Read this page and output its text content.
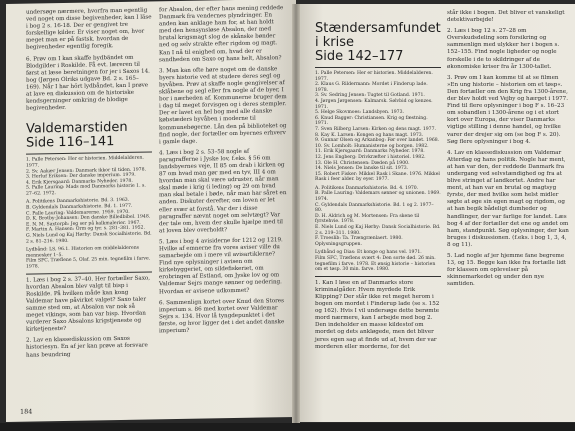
undersøge nærmere, hvorfra man egentlig ved noget om disse begivenheder, kan I läse i bog 2 s. 16-18. Der er gengivet tre forskellige kilder. Er viser noget om, hvor meget man er på fastsk. hvordan de begivenheder egentlig foregik.

6. Prøv om I kan skaffe bydbändet om Blodgilder i Roskilde. Få evt. læreren til først at læse beretningen for jer i Saxos 14. bog (Jørgen Olriks udgave Bd. 2 s. 165–169). Når I har hört lydbåndet, kan I prøve at lave en diskussion om de historiske kendsgerninger omkring de blodige begivenheder.

Valdemarstiden
Side 116–141
1. Palle Petersen: Her er historien. Middelalderen. 1977.
2. Sv. Aakær Jensen: Danmark ikkor til tiden. 1978.
3. Herluf Eriksen: Der danske imperium. 1979.
4. Erik Kjersgaard: Danmarks Nyheder. 1978.
5. Palle Lauring: Mads mod Danmarks historie 1. s. 27–62. 1972.
A. Politikens Danmarkshistorie. Bd. 3. 1963.
B. Gyldendals Danmarkshistorie. Bd. 1. 1977.
C. Palle Lauring: Valdemarerne. 1959. 1970.
D. K. Brotby-Johansen: Den danske Billedbibel. 1948.
E. N. M. Saxtorph: Jeg ser på kalkmalerier. 1967.
F. Martin A. Hansen: Orm og tyr. s. 281–381. 1952.
G. Niels Lund og Kaj Hørby: Dansk Socialhistorie. Bd. 2 s. 81–216. 1980.
Lydbånd: LS, 96.1. Historien om middelalderens mennesker 1–5.
Film SFC, Træflene 5, Olaf. 25 min. tegnefilm i farve. 1978.

1. Læs i bog 2 s. 37–40. Her fortæller Saxo, hvordan Absalon blev valgt til bisp i Roskilde. På hvilken måde kan kong Valdemar have påvirket valget? Saxo taler samme sted om, at Absalon var nok så meget vikings, som han var bisp. Hvordan vurderer Saxo Absalons krigstjeneste og kirketjeneste?

2. Lav en klassediskussion om Saxos historiesyn. En af jer kan prøve at forsvare hans beundring

for Absalon, der efter hans mening reddede Danmark fra vendernes plyndringer. En anden kan anklage ham for, at han holdt med den hensynsløse Absalon, der med brutal krigsmagt slog de skånske bønder ned og selv strakte efter rigdom og magt. Kan I nå til enighed om, hvad der er sandheden om Saxo og hans helt, Absalon?

3. Man kan ofte høre noget om de danske byers historie ved at studere deres segl og byvåben. Prøv at skaffe nogle gengivelser af sklåbene og segl eller fra nogle af de byer, I bor i nærheden af. Kommunerne bruger dem i dag til meget forvisgen og i deres stempler. Der er lavet en hel bog med alle danske købstæders byvåben i moderne til kommunebøgerne. Lån den på biblioteket og find nogle, der fortæller om byernes erhverv i gamle dage.

4. Læs i bog 2 s. 53–58 nogle af paragrafferne i Jyske lov, f.eks. § 56 om landsbyernes veje, II 85 om drab i kirken og 87 om hvad man gør med en tyv, III 4 om hvordan man skal være udruster, når man skal møde i krig (i leding) og 29 om hvad man skal betale i bøde, når man har såret en anden. Diskuter derefter, om loven er let eller svær at forstå. Var der i disse paragraffer nævnt noget om selvtægt? Var der tale om, hvem der skulle hjælpe med til at loven blev overholdt?

5. Læs i bog 4 avisiderne for 1212 og 1219. Hvilke af emnerne fra vores aviser ville du samarbejde om i mere vil avisartiklerne? Find nye oplysninger i avisen om kirkebyggeriet, om sildefiskeriet, om erobringen af Estland, om Jyske lov og om Valdemar Sejrs mange sønner og nedering. Hvordan er avisene udkommet?

6. Sammenlign kortet over Knud den Stores imperium s. 86 med kortet over Valdemar Sejrs s. 134. Hvor lå tyngdepunktet i det første, og hvor ligger det i det andet danske imperium?

184
Stændersamfundet i krise
Side 142–177
1. Palle Petersen: Her er historien. Middelalderen. 1977.
2. Klaus G. Rildermann: Mordet i Finderup lade. 1978.
3. Sv. Sedring Jensen: Tugtet til Gotland. 1971.
4. Jørgen Jørgensen: Kalmarsk. Sølvbid og kenzes. 1971.
5. Helge Skovmoes: Landsbyen. 1973.
6. Knud Bagger: Christiansen. Krig og fæstning. 1971.
7. Sven Rilberg Larsen: Kirken og dens magt. 1977.
8. Kay K. Larsen: Kongen og hans magt. 1973.
9. Gunnar Olsen og Arkanbog: Før over landet. 1968.
10. Sv. Lomholt: Humanisterne og borgen. 1982.
11. Erik Kjersgaard: Danmarks Nyheder. 1978.
12. Jens Engberg: Drivkræfter i historiel. 1982.
13. Ole H. Christensen: Dæden på 1900.
14. Niels Jensen: De lanske til sit. 1973.
15. Robert Fisker: Mikkel Rask i Skane. 1976. Mikkel Rask i feer alder. by eyer. 1977.
A. Politikens Danmarkshistorie. Bd. 4. 1970.
B. Palle Lauring: Valdemars sønner og unionen. 1969. 1974.
C. Gyldendals Danmarkshistorie. Bd. 1 og 2. 1977–80.
D. H. Aldrich og M. Mortensen: Fra skene til fyrstehvie. 1978.
E. Niels Lund og Kaj Hørby: Dansk Socialhistorie. Bd. 2 s. 219–311. 1980.
F. Troeslib: Ta. Trængrænlaert. 1980. Oplysningsgruppen.
Lydbånd og Dias: Et konge og hans vel. 1971.
Film SFC, Træflens svært 4: Den sorte død. 26 min. tegnefilm i farve. 1978. Et ønsig historie – historien om et tøsp. 30 min. farve. 1980.

1. Kan I løse en af Danmarks store kriminalgåder. Hvem myrdede Erik Klipping? Der står ikke ret meget herom i bogen om mordet i Finderup lade (se s. 152 og 162). Hvis I vil undersøge dette berømte mord nærmere, kan I arbejde med bog 2. Den indeholder en masse kildestof om mordet og dets ankløgede, men det bliver jeres egen sag at finde ud af, hvem der var morderen eller morderne, for det

står ikke i bogen. Det bliver et vanskeligt detektivarbejde!

2. Læs i bog 12 s. 27–28 om Overskudsdeling som forsikring og sammenlign med ulykker her i bogen s. 152–155. Find nogle ligheder og nogle forskelle i de to skildringer af de økonomiske kriser fra år 1300-tallet.

3. Prøv om I kan komme til at se filmen »En ung historie – historien om et tøsp«. Den fortæller om den Krig fra 1300-årene, der blev holdt ved Vejby og hærget i 1977. Find til flere oplysninger i bog F s. 16–23 om sobandlen i 1300-årene og i et stort kort over Europa, der viser Danmarks vigtige stilling i denne handel, og hvilke varer der drejer sig om (se bog F s. 20). Søg flere oplysninger i bog 4.

4. Lav en klassediskussion om Valdemar Atterdag og hans politik. Nogle har ment, at han var den, der reddede Danmark fra undergang ved selvstændighed og fra at blive stringet af landkortet. Andre har ment, at han var en brutal og magtsyg fyrste, der med hvilke som helst midler søgte at øge sin egen magt og rigdom, og at han begik bådeligt dumheder og handlinger, der var farlige for landet. Læs bog 4 af der fortæller det ene og andet om ham, standpunkt. Søg oplysninger, der kan bruges i diskussionen. (f.eks. i bog 1, 3, 4, 8 og 11).

5. Lad nogle af jer hjemme fane begreme 13, og 15. Begge kan ikke fra fortælle lidt for klassen om oplevelser på skinnemarkedet og under den nye samtiden.
